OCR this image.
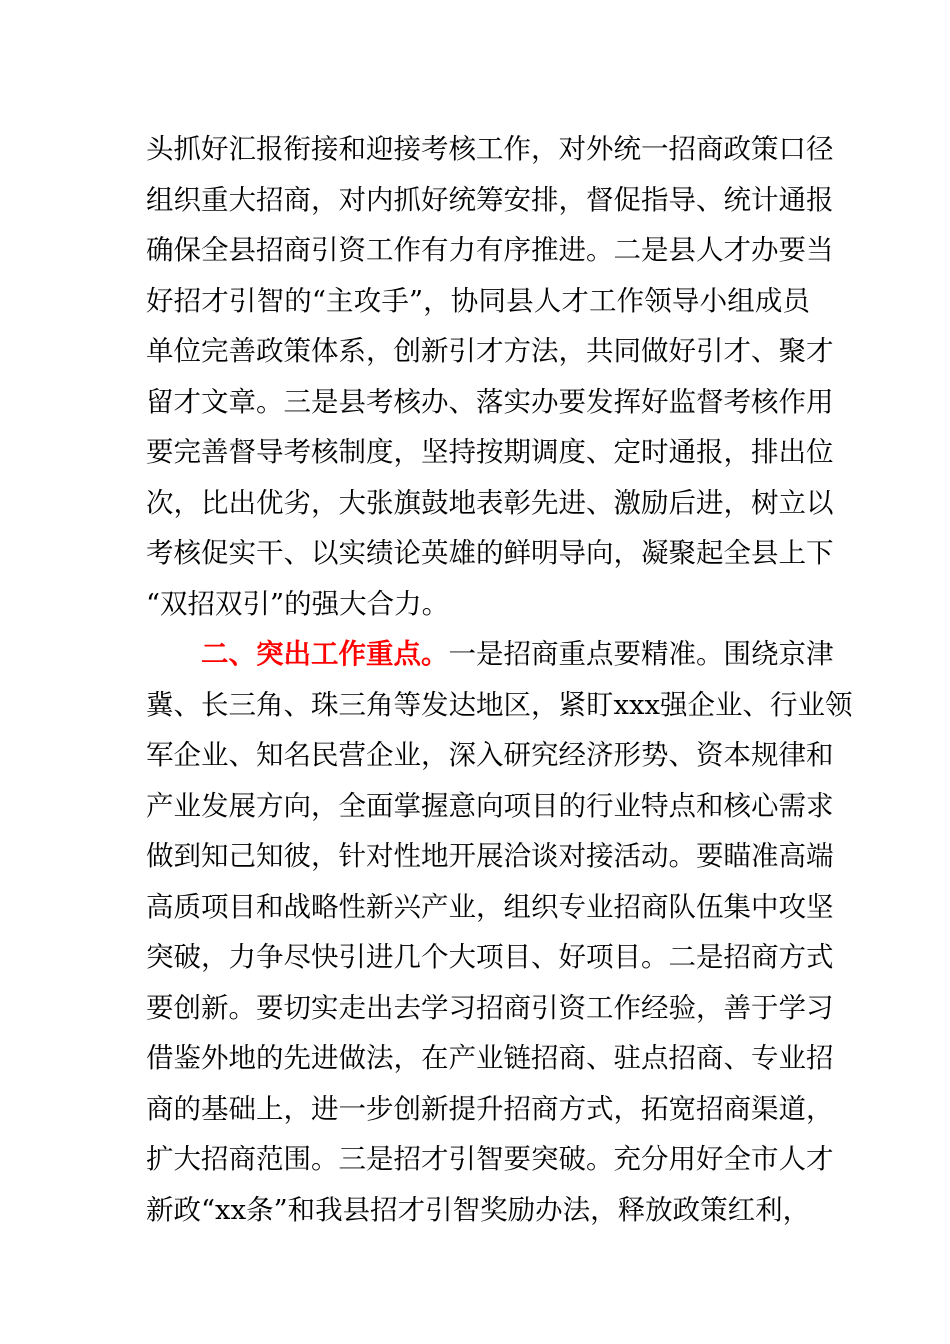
头抓好汇报衔接和迎接考核工作，对外统一招商政策口径
组织重大招商，对内抓好统筹安排，督促指导、统计通报
确保全县招商引资工作有力有序推进。二是县人才办要当
好招才引智的“主攻手”，协同县人才工作领导小组成员
单位完善政策体系，创新引才方法，共同做好引才、聚才
留才文章。三是县考核办、落实办要发挥好监督考核作用
要完善督导考核制度，坚持按期调度、定时通报，排出位
次，比出优劣，大张旗鼓地表彰先进、激励后进，树立以
考核促实干、以实绩论英雄的鲜明导向，凝聚起全县上下
“双招双引”的强大合力。
二、突出工作重点。一是招商重点要精准。围绕京津
冀、长三角、珠三角等发达地区，紧盯xxx强企业、行业领
军企业、知名民营企业，深入研究经济形势、资本规律和
产业发展方向，全面掌握意向项目的行业特点和核心需求
做到知己知彼，针对性地开展洽谈对接活动。要瞄准高端
高质项目和战略性新兴产业，组织专业招商队伍集中攻坚
突破，力争尽快引进几个大项目、好项目。二是招商方式
要创新。要切实走出去学习招商引资工作经验，善于学习
借鉴外地的先进做法，在产业链招商、驻点招商、专业招
商的基础上，进一步创新提升招商方式，拓宽招商渠道，
扩大招商范围。三是招才引智要突破。充分用好全市人才
新政“xx条”和我县招才引智奖励办法，释放政策红利，
